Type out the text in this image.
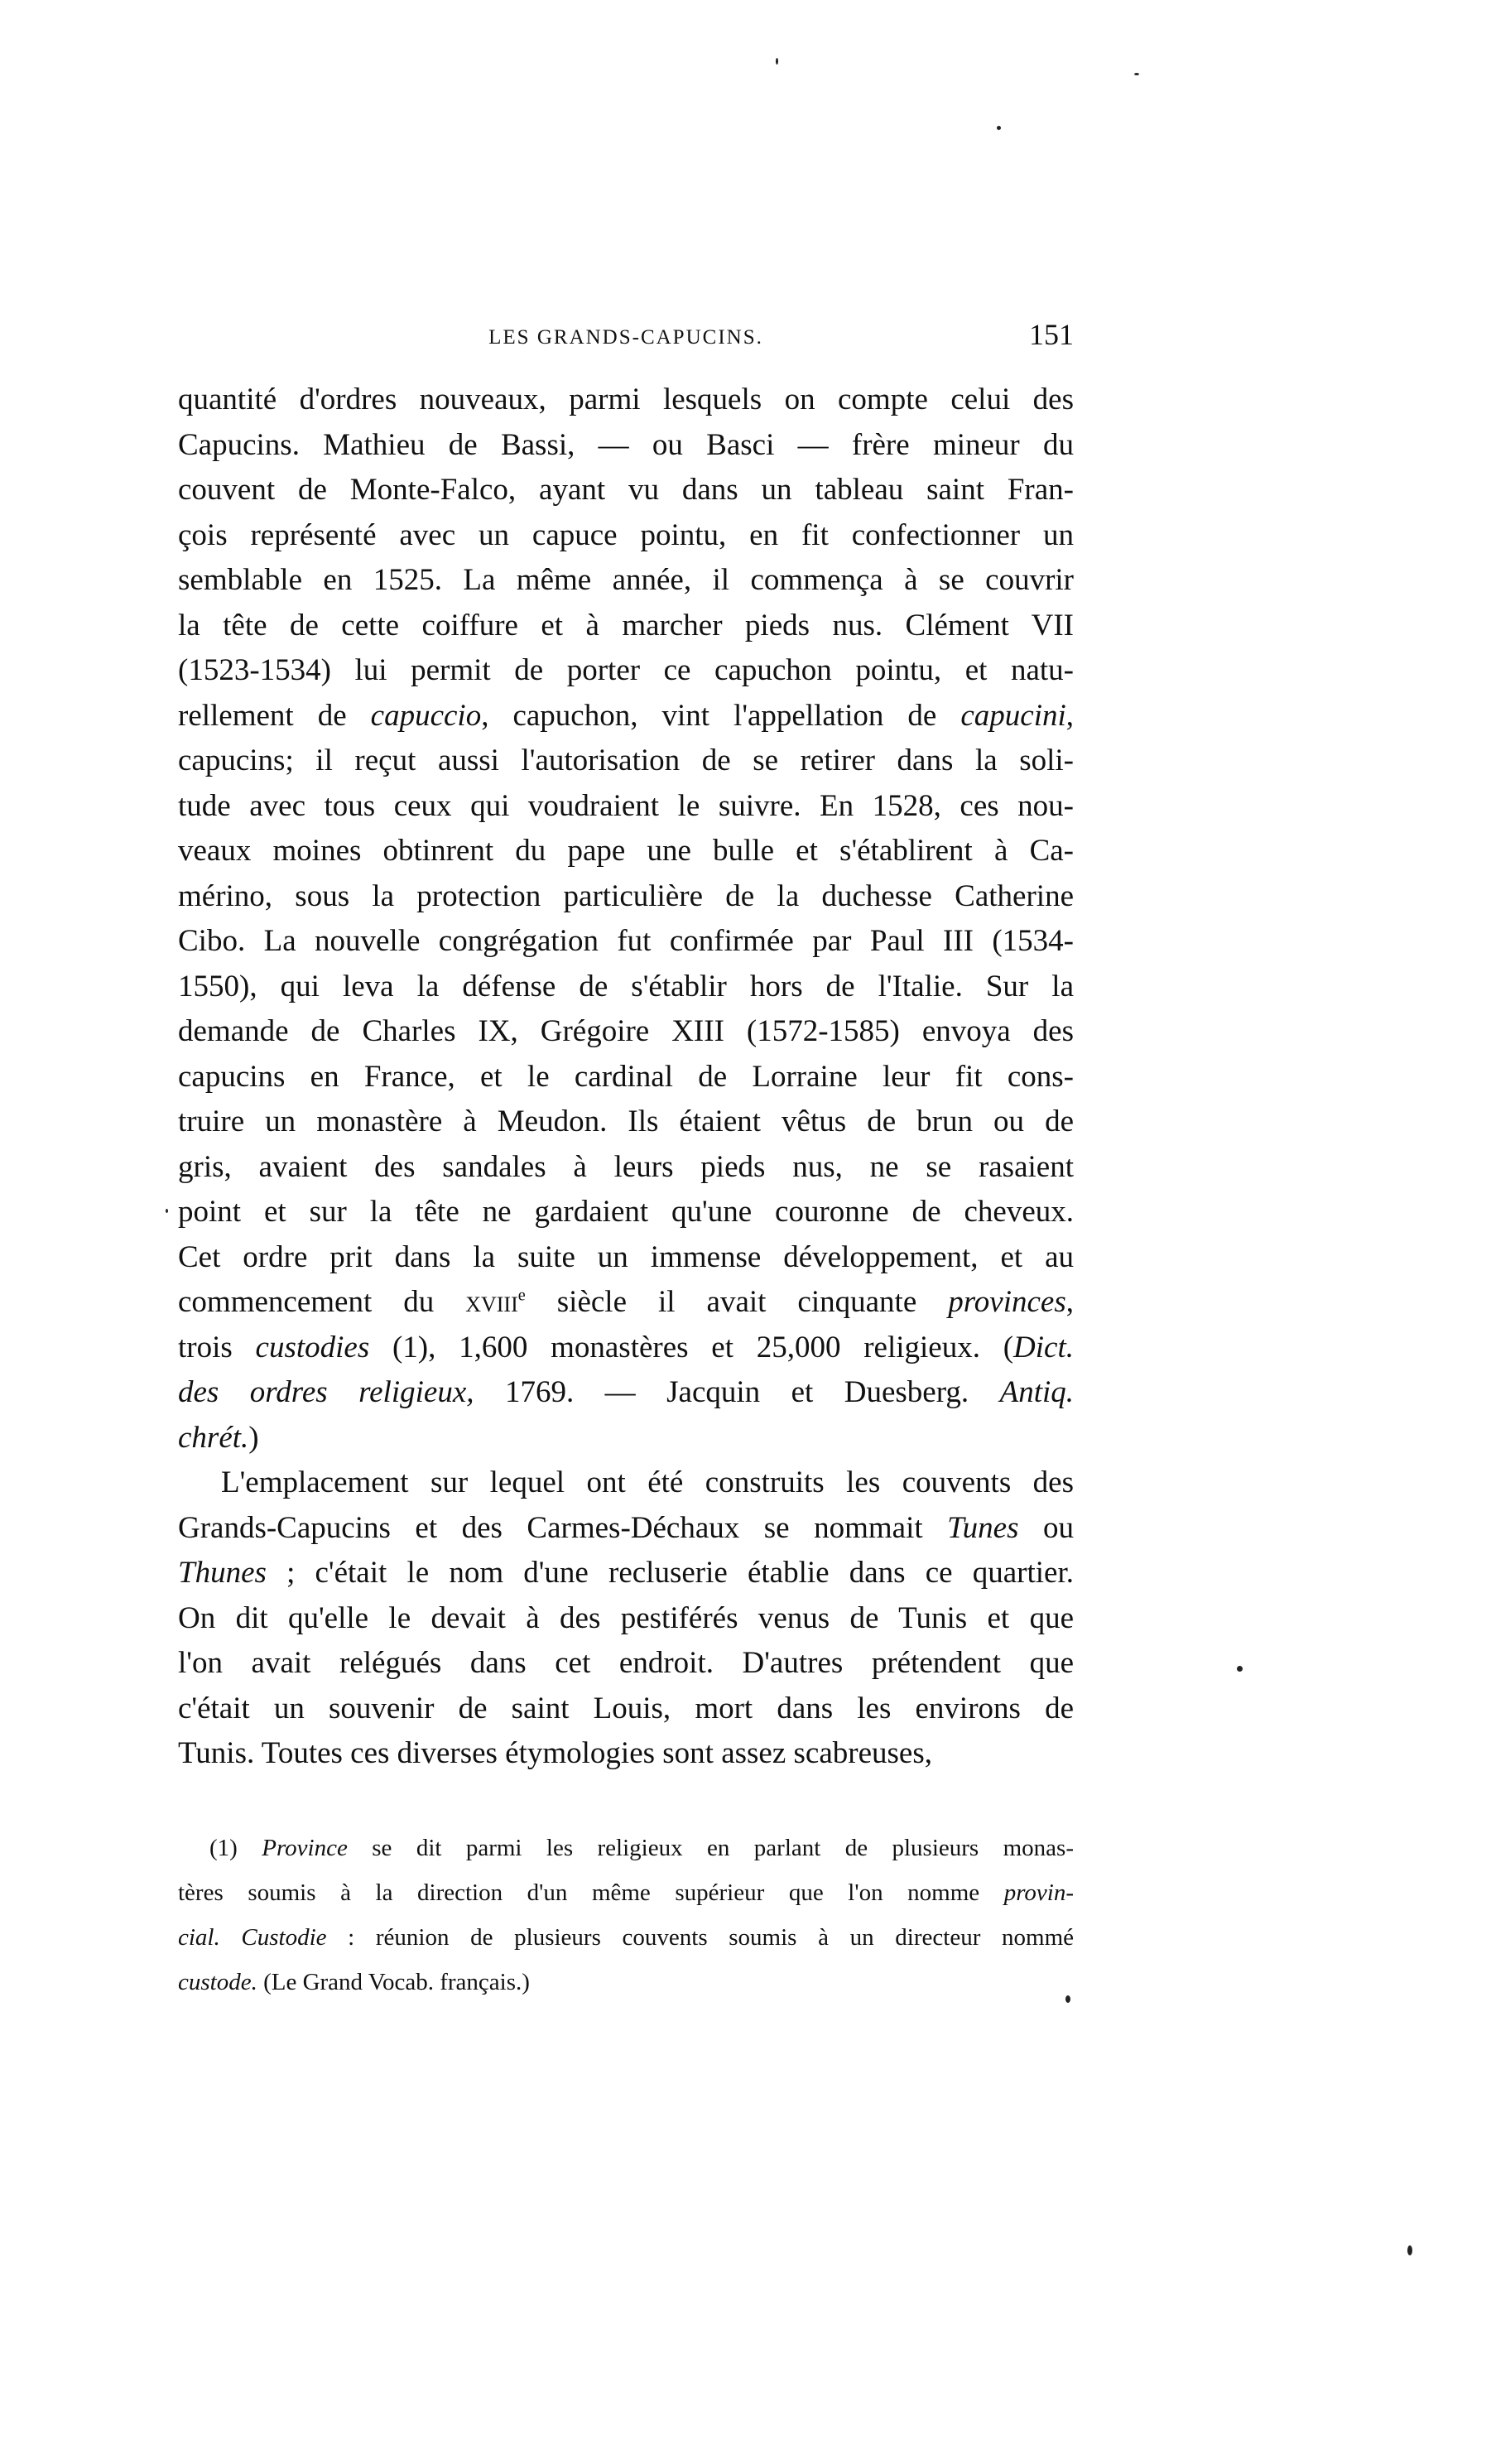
LES GRANDS-CAPUCINS.	151
quantité d'ordres nouveaux, parmi lesquels on compte celui des
Capucins. Mathieu de Bassi, — ou Basci — frère mineur du
couvent de Monte-Falco, ayant vu dans un tableau saint Fran-
çois représenté avec un capuce pointu, en fit confectionner un
semblable en 1525. La même année, il commença à se couvrir
la tête de cette coiffure et à marcher pieds nus. Clément VII
(1523-1534) lui permit de porter ce capuchon pointu, et natu-
rellement de capuccio, capuchon, vint l'appellation de capucini,
capucins; il reçut aussi l'autorisation de se retirer dans la soli-
tude avec tous ceux qui voudraient le suivre. En 1528, ces nou-
veaux moines obtinrent du pape une bulle et s'établirent à Ca-
mérino, sous la protection particulière de la duchesse Catherine
Cibo. La nouvelle congrégation fut confirmée par Paul III (1534-
1550), qui leva la défense de s'établir hors de l'Italie. Sur la
demande de Charles IX, Grégoire XIII (1572-1585) envoya des
capucins en France, et le cardinal de Lorraine leur fit cons-
truire un monastère à Meudon. Ils étaient vêtus de brun ou de
gris, avaient des sandales à leurs pieds nus, ne se rasaient
point et sur la tête ne gardaient qu'une couronne de cheveux.
Cet ordre prit dans la suite un immense développement, et au
commencement du xviii$^e$ siècle il avait cinquante provinces,
trois custodies (1), 1,600 monastères et 25,000 religieux. (Dict.
des ordres religieux, 1769. — Jacquin et Duesberg. Antiq.
chrét.)
L'emplacement sur lequel ont été construits les couvents des
Grands-Capucins et des Carmes-Déchaux se nommait Tunes ou
Thunes ; c'était le nom d'une recluserie établie dans ce quartier.
On dit qu'elle le devait à des pestiférés venus de Tunis et que
l'on avait relégués dans cet endroit. D'autres prétendent que
c'était un souvenir de saint Louis, mort dans les environs de
Tunis. Toutes ces diverses étymologies sont assez scabreuses,
(1) Province se dit parmi les religieux en parlant de plusieurs monas-
tères soumis à la direction d'un même supérieur que l'on nomme provin-
cial. Custodie : réunion de plusieurs couvents soumis à un directeur nommé
custode. (Le Grand Vocab. français.)
